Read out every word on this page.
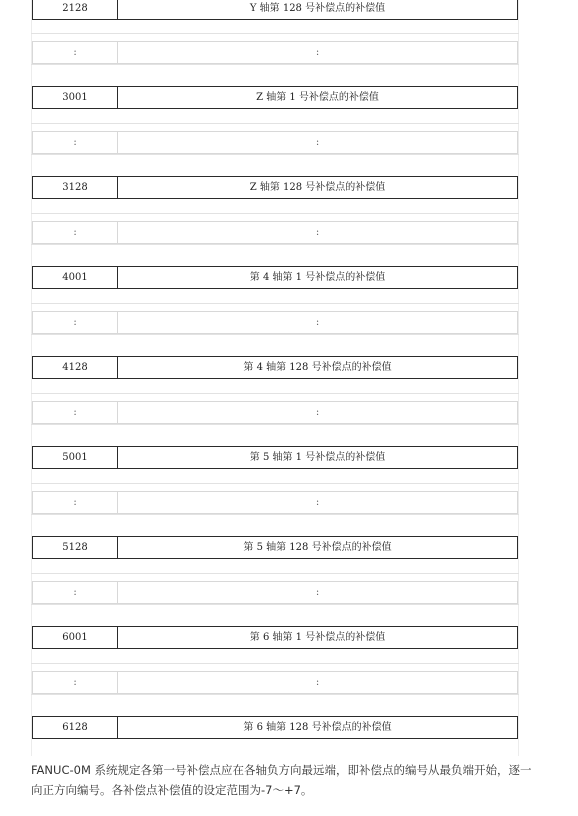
2128	Y 轴第 128 号补偿点的补偿值
:	:
3001	Z 轴第 1 号补偿点的补偿值
:	:
3128	Z 轴第 128 号补偿点的补偿值
:	:
4001	第 4 轴第 1 号补偿点的补偿值
:	:
4128	第 4 轴第 128 号补偿点的补偿值
:	:
5001	第 5 轴第 1 号补偿点的补偿值
:	:
5128	第 5 轴第 128 号补偿点的补偿值
:	:
6001	第 6 轴第 1 号补偿点的补偿值
:	:
6128	第 6 轴第 128 号补偿点的补偿值
FANUC-0M 系统规定各第一号补偿点应在各轴负方向最远端，即补偿点的编号从最负端开始，逐一向正方向编号。各补偿点补偿值的设定范围为-7～+7。
